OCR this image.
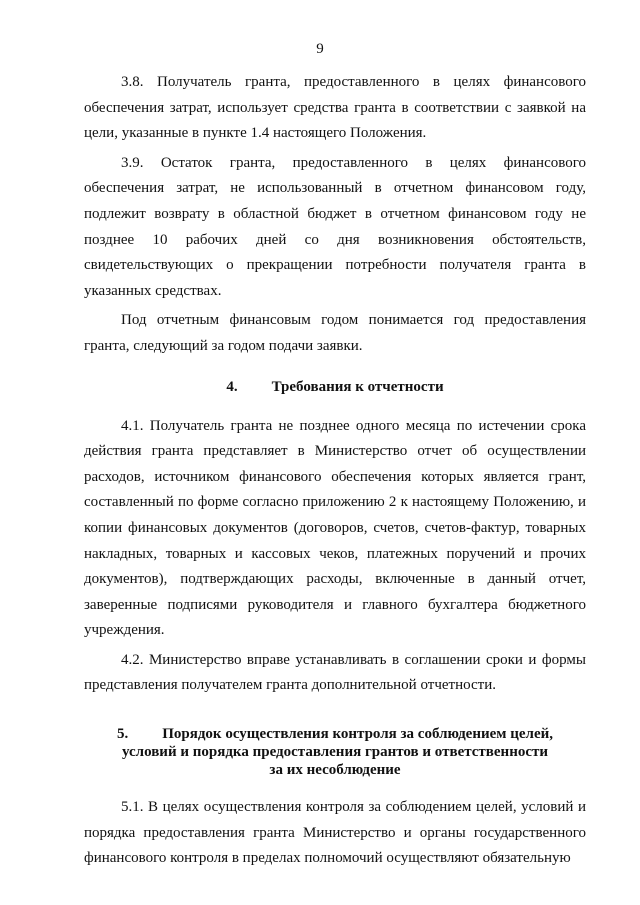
9

3.8. Получатель гранта, предоставленного в целях финансового обеспечения затрат, использует средства гранта в соответствии с заявкой на цели, указанные в пункте 1.4 настоящего Положения.

3.9. Остаток гранта, предоставленного в целях финансового обеспечения затрат, не использованный в отчетном финансовом году, подлежит возврату в областной бюджет в отчетном финансовом году не позднее 10 рабочих дней со дня возникновения обстоятельств, свидетельствующих о прекращении потребности получателя гранта в указанных средствах.

Под отчетным финансовым годом понимается год предоставления гранта, следующий за годом подачи заявки.

4. Требования к отчетности

4.1. Получатель гранта не позднее одного месяца по истечении срока действия гранта представляет в Министерство отчет об осуществлении расходов, источником финансового обеспечения которых является грант, составленный по форме согласно приложению 2 к настоящему Положению, и копии финансовых документов (договоров, счетов, счетов-фактур, товарных накладных, товарных и кассовых чеков, платежных поручений и прочих документов), подтверждающих расходы, включенные в данный отчет, заверенные подписями руководителя и главного бухгалтера бюджетного учреждения.

4.2. Министерство вправе устанавливать в соглашении сроки и формы представления получателем гранта дополнительной отчетности.

5. Порядок осуществления контроля за соблюдением целей,
условий и порядка предоставления грантов и ответственности
за их несоблюдение

5.1. В целях осуществления контроля за соблюдением целей, условий и порядка предоставления гранта Министерство и органы государственного финансового контроля в пределах полномочий осуществляют обязательную
